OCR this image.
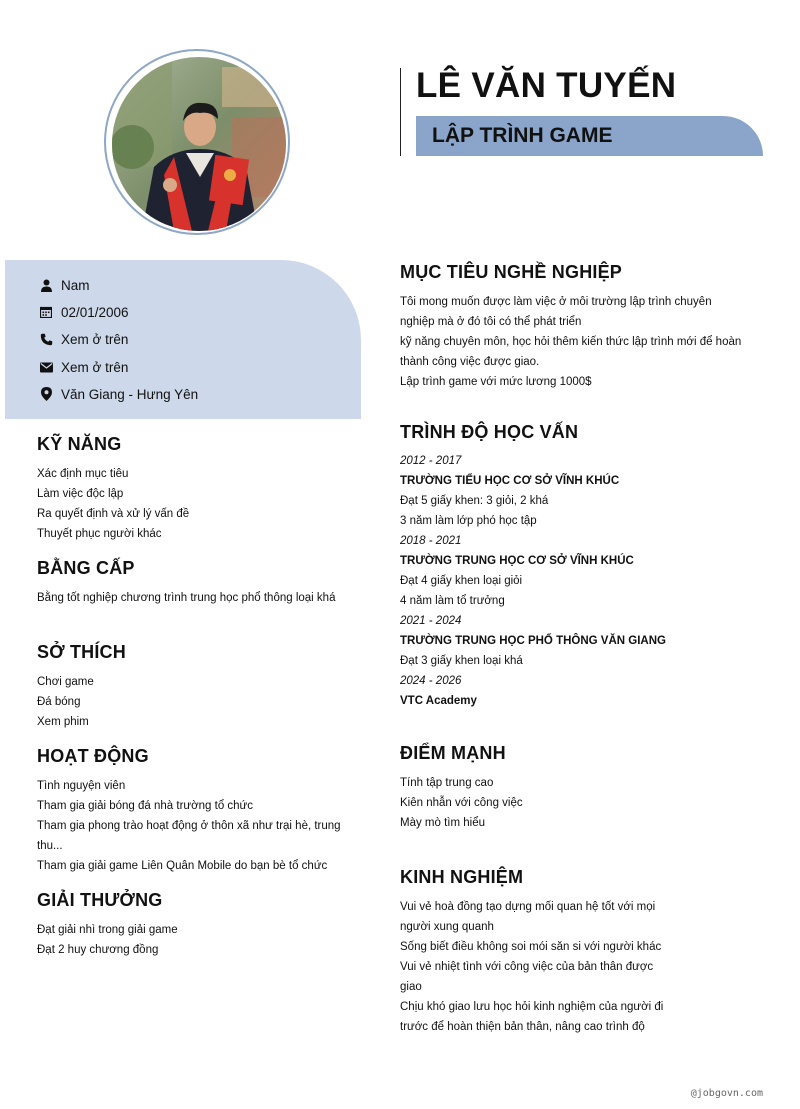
LÊ VĂN TUYẾN
LẬP TRÌNH GAME
Nam
02/01/2006
Xem ở trên
Xem ở trên
Văn Giang - Hưng Yên
KỸ NĂNG
Xác định mục tiêu
Làm việc độc lập
Ra quyết định và xử lý vấn đề
Thuyết phục người khác
BẰNG CẤP
Bằng tốt nghiệp chương trình trung học phổ thông loại khá
SỞ THÍCH
Chơi game
Đá bóng
Xem phim
HOẠT ĐỘNG
Tình nguyện viên
Tham gia giải bóng đá nhà trường tổ chức
Tham gia phong trào hoạt động ở thôn xã như trại hè, trung
thu...
Tham gia giải game Liên Quân Mobile do bạn bè tổ chức
GIẢI THƯỞNG
Đạt giải nhì trong giải game
Đạt 2 huy chương đồng
MỤC TIÊU NGHỀ NGHIỆP
Tôi mong muốn được làm việc ở môi trường lập trình chuyên
nghiệp mà ở đó tôi có thể phát triển
kỹ năng chuyên môn, học hỏi thêm kiến thức lập trình mới để hoàn
thành công việc được giao.
Lập trình game với mức lương 1000$
TRÌNH ĐỘ HỌC VẤN
2012 - 2017
TRƯỜNG TIỂU HỌC CƠ SỞ VĨNH KHÚC
Đạt 5 giấy khen: 3 giỏi, 2 khá
3 năm làm lớp phó học tập
2018 - 2021
TRƯỜNG TRUNG HỌC CƠ SỞ VĨNH KHÚC
Đạt 4 giấy khen loại giỏi
4 năm làm tổ trưởng
2021 - 2024
TRƯỜNG TRUNG HỌC PHỔ THÔNG VĂN GIANG
Đạt 3 giấy khen loại khá
2024 - 2026
VTC Academy
ĐIỂM MẠNH
Tính tập trung cao
Kiên nhẫn với công việc
Mày mò tìm hiểu
KINH NGHIỆM
Vui vẻ hoà đồng tạo dựng mối quan hệ tốt với mọi
người xung quanh
Sống biết điều không soi mói săn si với người khác
Vui vẻ nhiệt tình với công việc của bản thân được
giao
Chịu khó giao lưu học hỏi kinh nghiệm của người đi
trước để hoàn thiện bản thân, nâng cao trình độ
@jobgovn.com
